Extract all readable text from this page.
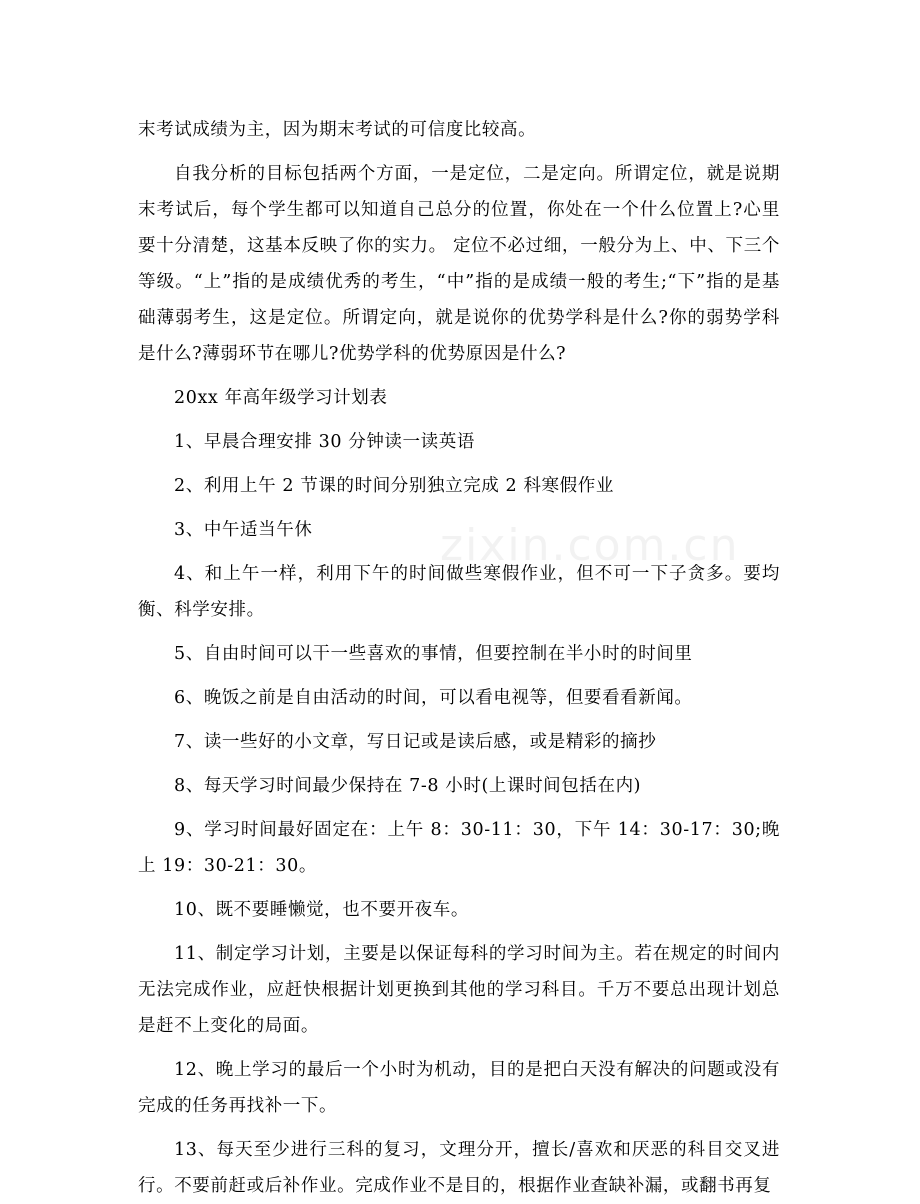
zixin.com.cn

末考试成绩为主，因为期末考试的可信度比较高。

自我分析的目标包括两个方面，一是定位，二是定向。所谓定位，就是说期末考试后，每个学生都可以知道自己总分的位置，你处在一个什么位置上?心里要十分清楚，这基本反映了你的实力。 定位不必过细，一般分为上、中、下三个等级。“上”指的是成绩优秀的考生，“中”指的是成绩一般的考生;“下”指的是基础薄弱考生，这是定位。所谓定向，就是说你的优势学科是什么?你的弱势学科是什么?薄弱环节在哪儿?优势学科的优势原因是什么?

20xx 年高年级学习计划表

1、早晨合理安排 30 分钟读一读英语

2、利用上午 2 节课的时间分别独立完成 2 科寒假作业

3、中午适当午休

4、和上午一样，利用下午的时间做些寒假作业，但不可一下子贪多。要均衡、科学安排。

5、自由时间可以干一些喜欢的事情，但要控制在半小时的时间里

6、晚饭之前是自由活动的时间，可以看电视等，但要看看新闻。

7、读一些好的小文章，写日记或是读后感，或是精彩的摘抄

8、每天学习时间最少保持在 7-8 小时(上课时间包括在内)

9、学习时间最好固定在：上午 8：30-11：30，下午 14：30-17：30;晚上 19：30-21：30。

10、既不要睡懒觉，也不要开夜车。

11、制定学习计划，主要是以保证每科的学习时间为主。若在规定的时间内无法完成作业，应赶快根据计划更换到其他的学习科目。千万不要总出现计划总是赶不上变化的局面。

12、晚上学习的最后一个小时为机动，目的是把白天没有解决的问题或没有完成的任务再找补一下。

13、每天至少进行三科的复习，文理分开，擅长/喜欢和厌恶的科目交叉进行。不要前赶或后补作业。完成作业不是目的，根据作业查缺补漏，或翻书再复
